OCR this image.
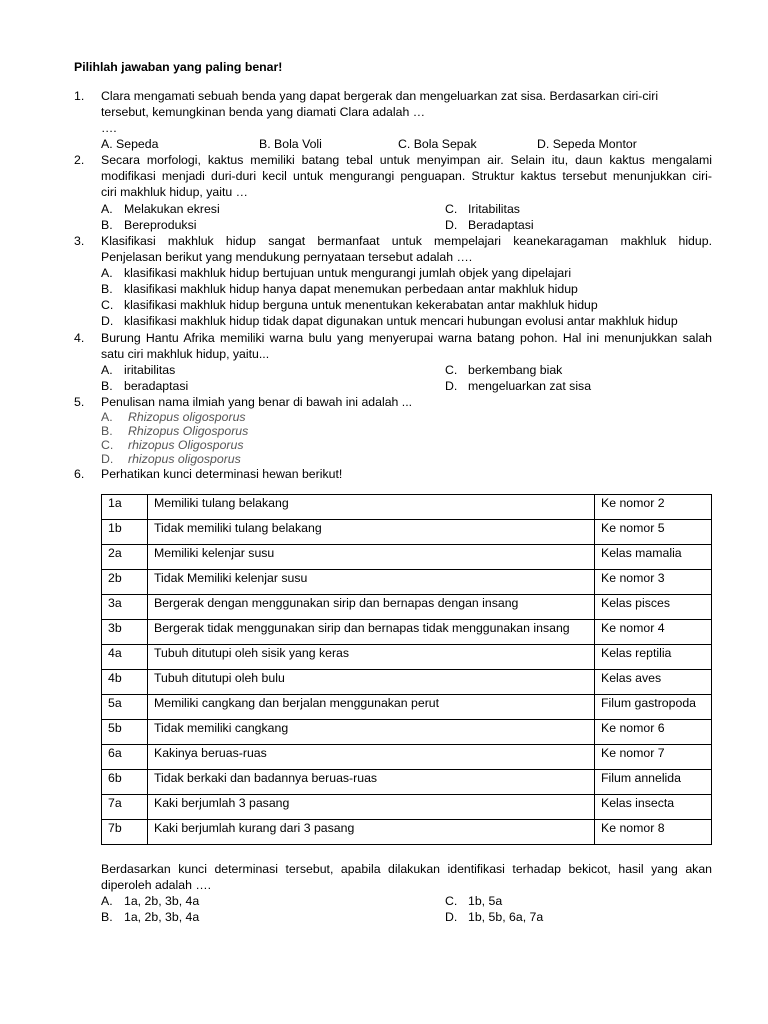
Pilihlah jawaban yang paling benar!
1. Clara mengamati sebuah benda yang dapat bergerak dan mengeluarkan zat sisa. Berdasarkan ciri-ciri
tersebut, kemungkinan benda yang diamati Clara adalah …
….
A. Sepeda	B. Bola Voli	C. Bola Sepak	D. Sepeda Montor
2. Secara morfologi, kaktus memiliki batang tebal untuk menyimpan air. Selain itu, daun kaktus mengalami
modifikasi menjadi duri-duri kecil untuk mengurangi penguapan. Struktur kaktus tersebut menunjukkan ciri-
ciri makhluk hidup, yaitu …
A. Melakukan ekresi	C. Iritabilitas
B. Bereproduksi	D. Beradaptasi
3. Klasifikasi makhluk hidup sangat bermanfaat untuk mempelajari keanekaragaman makhluk hidup.
Penjelasan berikut yang mendukung pernyataan tersebut adalah ….
A. klasifikasi makhluk hidup bertujuan untuk mengurangi jumlah objek yang dipelajari
B. klasifikasi makhluk hidup hanya dapat menemukan perbedaan antar makhluk hidup
C. klasifikasi makhluk hidup berguna untuk menentukan kekerabatan antar makhluk hidup
D. klasifikasi makhluk hidup tidak dapat digunakan untuk mencari hubungan evolusi antar makhluk hidup
4. Burung Hantu Afrika memiliki warna bulu yang menyerupai warna batang pohon. Hal ini menunjukkan salah
satu ciri makhluk hidup, yaitu...
A. iritabilitas	C. berkembang biak
B. beradaptasi	D. mengeluarkan zat sisa
5. Penulisan nama ilmiah yang benar di bawah ini adalah ...
A. Rhizopus oligosporus
B. Rhizopus Oligosporus
C. rhizopus Oligosporus
D. rhizopus oligosporus
6. Perhatikan kunci determinasi hewan berikut!
1a	Memiliki tulang belakang	Ke nomor 2
1b	Tidak memiliki tulang belakang	Ke nomor 5
2a	Memiliki kelenjar susu	Kelas mamalia
2b	Tidak Memiliki kelenjar susu	Ke nomor 3
3a	Bergerak dengan menggunakan sirip dan bernapas dengan insang	Kelas pisces
3b	Bergerak tidak menggunakan sirip dan bernapas tidak menggunakan insang	Ke nomor 4
4a	Tubuh ditutupi oleh sisik yang keras	Kelas reptilia
4b	Tubuh ditutupi oleh bulu	Kelas aves
5a	Memiliki cangkang dan berjalan menggunakan perut	Filum gastropoda
5b	Tidak memiliki cangkang	Ke nomor 6
6a	Kakinya beruas-ruas	Ke nomor 7
6b	Tidak berkaki dan badannya beruas-ruas	Filum annelida
7a	Kaki berjumlah 3 pasang	Kelas insecta
7b	Kaki berjumlah kurang dari 3 pasang	Ke nomor 8
Berdasarkan kunci determinasi tersebut, apabila dilakukan identifikasi terhadap bekicot, hasil yang akan
diperoleh adalah ….
A. 1a, 2b, 3b, 4a	C. 1b, 5a
B. 1a, 2b, 3b, 4a	D. 1b, 5b, 6a, 7a
